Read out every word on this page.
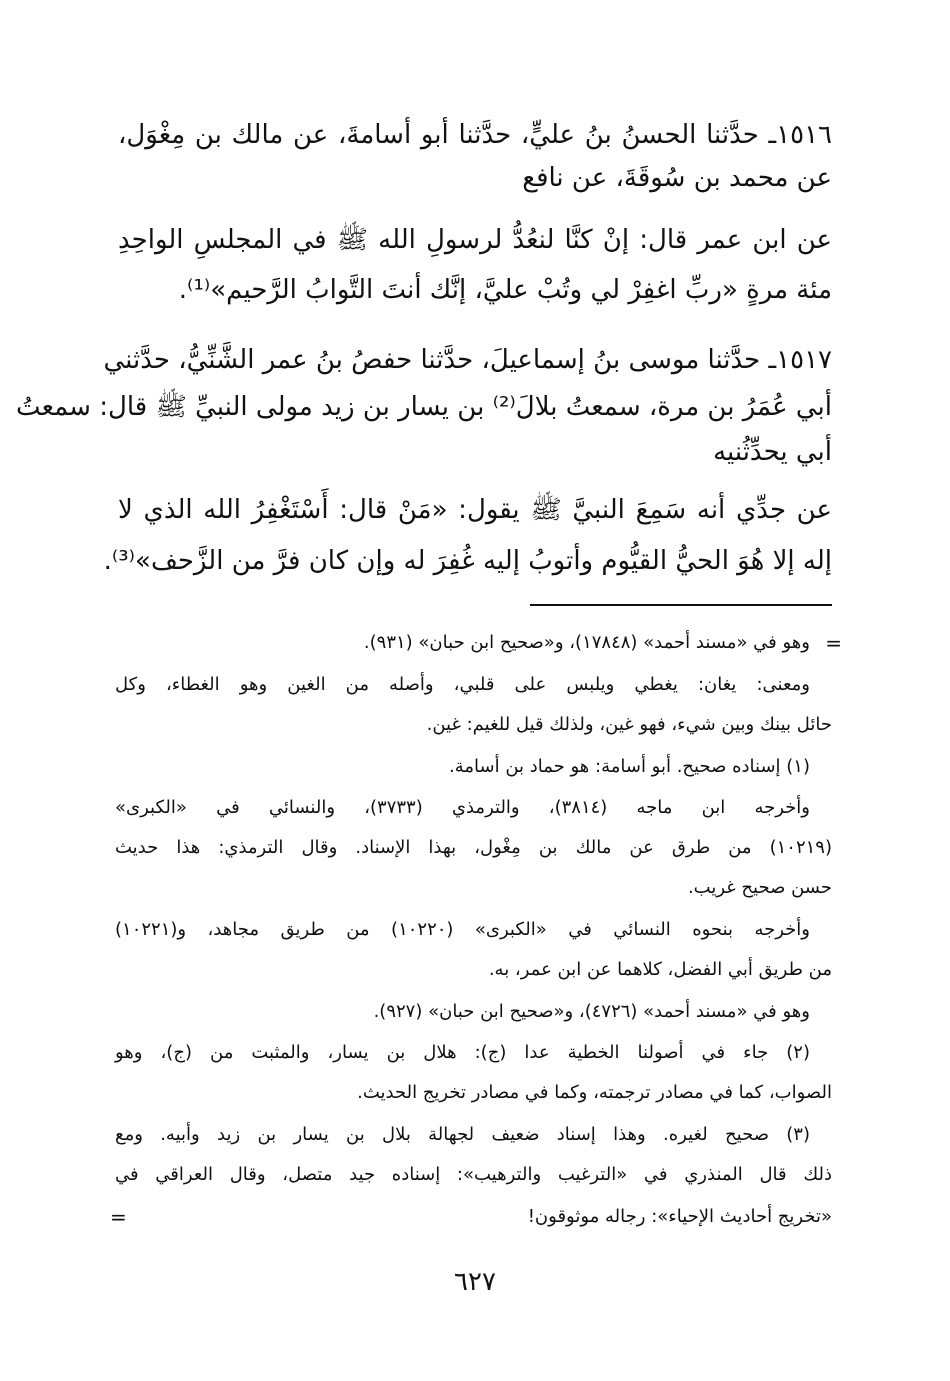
١٥١٦ـ حدَّثنا الحسنُ بنُ عليٍّ، حدَّثنا أبو أسامةَ، عن مالك بن مِغْوَل،
عن محمد بن سُوقَةَ، عن نافع
عن ابن عمر قال: إنْ كنَّا لنعُدُّ لرسولِ الله ﷺ في المجلسِ الواحِدِ
مئة مرةٍ «ربِّ اغفِرْ لي وتُبْ عليَّ، إنَّك أنتَ التَّوابُ الرَّحيم»⁽¹⁾.
١٥١٧ـ حدَّثنا موسى بنُ إسماعيلَ، حدَّثنا حفصُ بنُ عمر الشَّنِّيُّ، حدَّثني
أبي عُمَرُ بن مرة، سمعتُ بلالَ⁽²⁾ بن يسار بن زيد مولى النبيِّ ﷺ قال: سمعتُ
أبي يحدِّثُنيه
عن جدِّي أنه سَمِعَ النبيَّ ﷺ يقول: «مَنْ قال: أَسْتَغْفِرُ الله الذي لا
إله إلا هُوَ الحيُّ القيُّوم وأتوبُ إليه غُفِرَ له وإن كان فرَّ من الزَّحف»⁽³⁾.
=
وهو في «مسند أحمد» (١٧٨٤٨)، و«صحيح ابن حبان» (٩٣١).
ومعنى: يغان: يغطي ويلبس على قلبي، وأصله من الغين وهو الغطاء، وكل
حائل بينك وبين شيء، فهو غين، ولذلك قيل للغيم: غين.
(١) إسناده صحيح. أبو أسامة: هو حماد بن أسامة.
وأخرجه ابن ماجه (٣٨١٤)، والترمذي (٣٧٣٣)، والنسائي في «الكبرى»
(١٠٢١٩) من طرق عن مالك بن مِغْول، بهذا الإسناد. وقال الترمذي: هذا حديث
حسن صحيح غريب.
وأخرجه بنحوه النسائي في «الكبرى» (١٠٢٢٠) من طريق مجاهد، و(١٠٢٢١)
من طريق أبي الفضل، كلاهما عن ابن عمر، به.
وهو في «مسند أحمد» (٤٧٢٦)، و«صحيح ابن حبان» (٩٢٧).
(٢) جاء في أصولنا الخطية عدا (ج): هلال بن يسار، والمثبت من (ج)، وهو
الصواب، كما في مصادر ترجمته، وكما في مصادر تخريج الحديث.
(٣) صحيح لغيره. وهذا إسناد ضعيف لجهالة بلال بن يسار بن زيد وأبيه. ومع
ذلك قال المنذري في «الترغيب والترهيب»: إسناده جيد متصل، وقال العراقي في
«تخريج أحاديث الإحياء»: رجاله موثوقون!
=
٦٢٧
